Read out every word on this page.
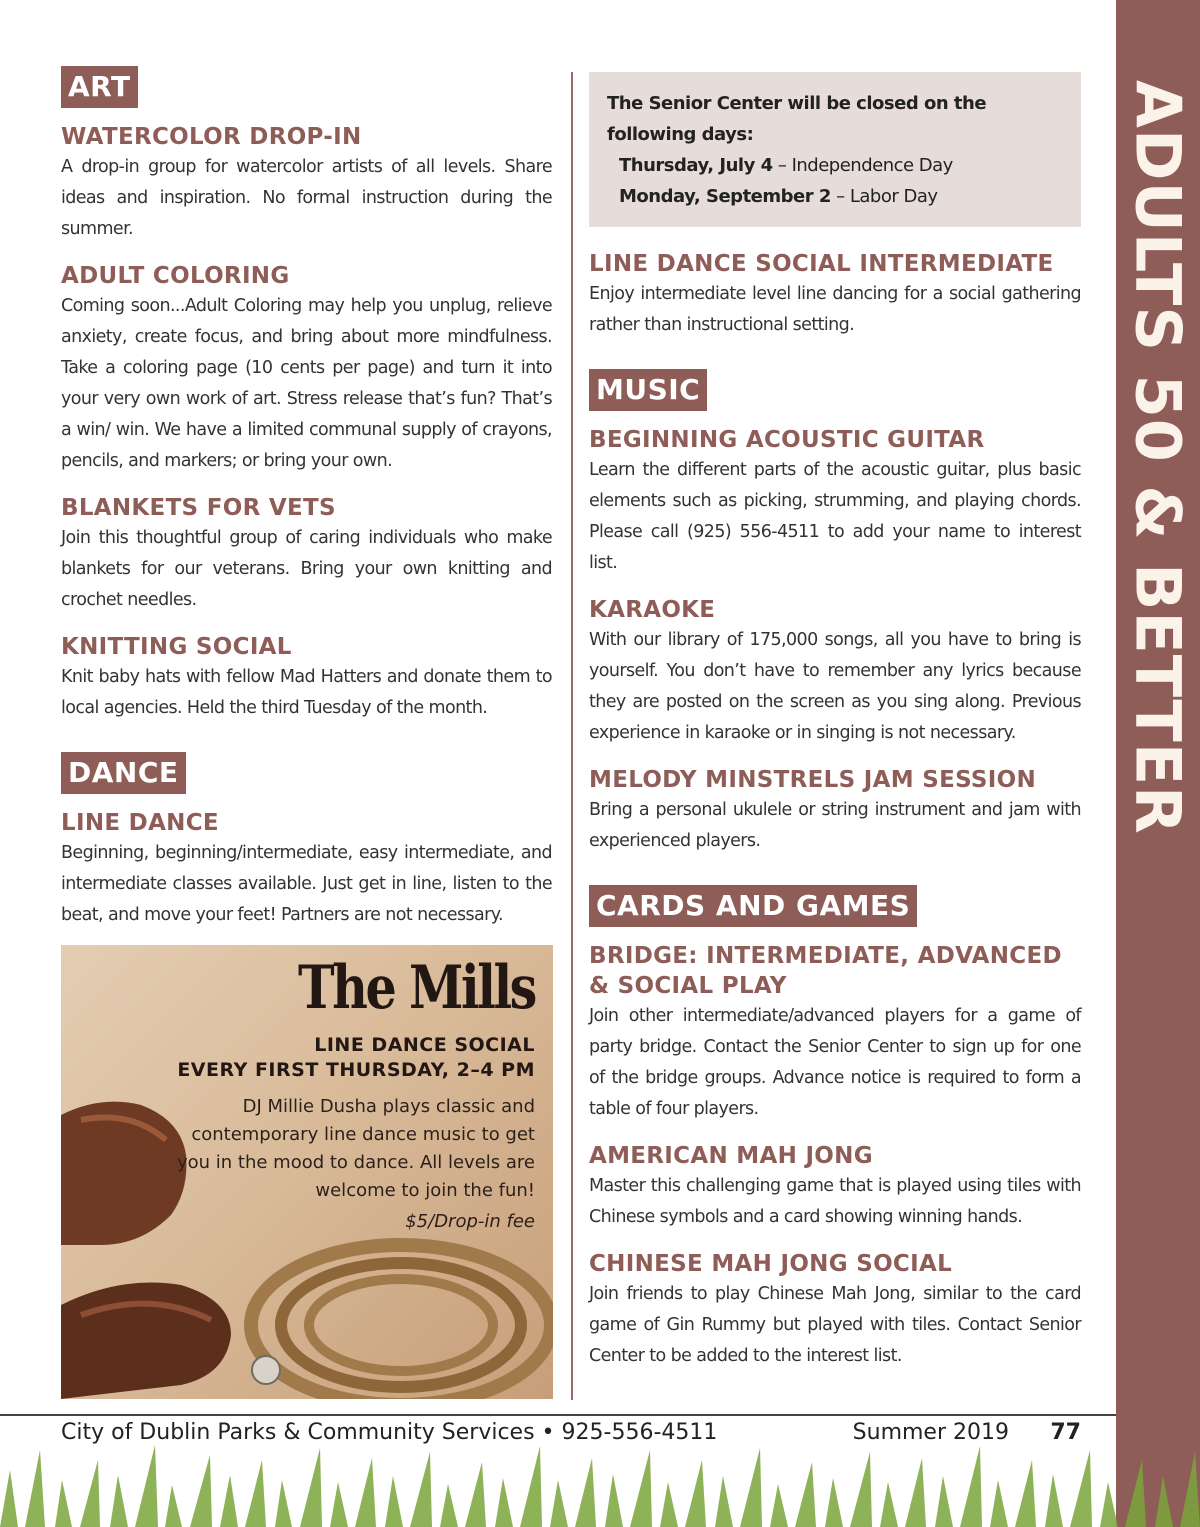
ADULTS 50 & BETTER
ART
WATERCOLOR DROP-IN
A drop-in group for watercolor artists of all levels. Share ideas and inspiration. No formal instruction during the summer.
ADULT COLORING
Coming soon...Adult Coloring may help you unplug, relieve anxiety, create focus, and bring about more mindfulness. Take a coloring page (10 cents per page) and turn it into your very own work of art. Stress release that’s fun? That’s a win/ win. We have a limited communal supply of crayons, pencils, and markers; or bring your own.
BLANKETS FOR VETS
Join this thoughtful group of caring individuals who make blankets for our veterans. Bring your own knitting and crochet needles.
KNITTING SOCIAL
Knit baby hats with fellow Mad Hatters and donate them to local agencies. Held the third Tuesday of the month.
DANCE
LINE DANCE
Beginning, beginning/intermediate, easy intermediate, and intermediate classes available. Just get in line, listen to the beat, and move your feet! Partners are not necessary.
The Mills
LINE DANCE SOCIAL
EVERY FIRST THURSDAY, 2–4 PM
DJ Millie Dusha plays classic and contemporary line dance music to get you in the mood to dance. All levels are welcome to join the fun!
$5/Drop-in fee
The Senior Center will be closed on the following days:
Thursday, July 4 – Independence Day
Monday, September 2 – Labor Day
LINE DANCE SOCIAL INTERMEDIATE
Enjoy intermediate level line dancing for a social gathering rather than instructional setting.
MUSIC
BEGINNING ACOUSTIC GUITAR
Learn the different parts of the acoustic guitar, plus basic elements such as picking, strumming, and playing chords. Please call (925) 556-4511 to add your name to interest list.
KARAOKE
With our library of 175,000 songs, all you have to bring is yourself. You don’t have to remember any lyrics because they are posted on the screen as you sing along. Previous experience in karaoke or in singing is not necessary.
MELODY MINSTRELS JAM SESSION
Bring a personal ukulele or string instrument and jam with experienced players.
CARDS AND GAMES
BRIDGE: INTERMEDIATE, ADVANCED & SOCIAL PLAY
Join other intermediate/advanced players for a game of party bridge. Contact the Senior Center to sign up for one of the bridge groups. Advance notice is required to form a table of four players.
AMERICAN MAH JONG
Master this challenging game that is played using tiles with Chinese symbols and a card showing winning hands.
CHINESE MAH JONG SOCIAL
Join friends to play Chinese Mah Jong, similar to the card game of Gin Rummy but played with tiles. Contact Senior Center to be added to the interest list.
City of Dublin Parks & Community Services • 925-556-4511	Summer 2019 77
